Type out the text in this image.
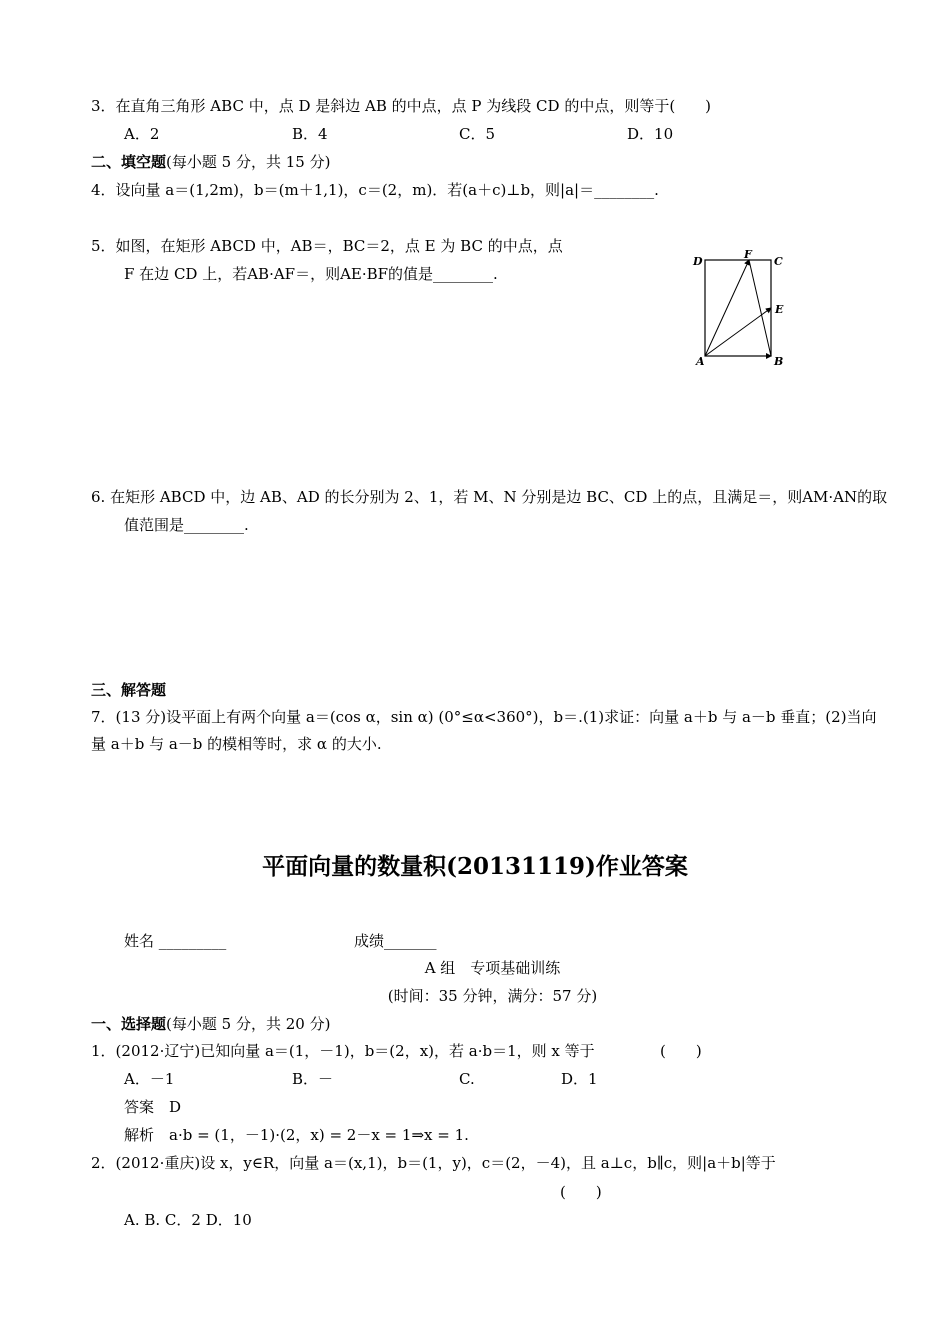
3．在直角三角形 ABC 中，点 D 是斜边 AB 的中点，点 P 为线段 CD 的中点，则等于(　　)
A．2	B．4	C．5	D．10
二、填空题(每小题 5 分，共 15 分)
4．设向量 a＝(1,2m)，b＝(m＋1,1)，c＝(2，m)．若(a＋c)⊥b，则|a|＝________.
5．如图，在矩形 ABCD 中，AB＝，BC＝2，点 E 为 BC 的中点，点
F 在边 CD 上，若AB·AF＝，则AE·BF的值是________.
D
F
C
E
A	B
6. 在矩形 ABCD 中，边 AB、AD 的长分别为 2、1，若 M、N 分别是边 BC、CD 上的点，且满足＝，则AM·AN的取
值范围是________.
三、解答题
7．(13 分)设平面上有两个向量 a＝(cos α，sin α) (0°≤α<360°)，b＝.(1)求证：向量 a＋b 与 a－b 垂直；(2)当向
量 a＋b 与 a－b 的模相等时，求 α 的大小.
平面向量的数量积(20131119)作业答案
姓名 _________	成绩_______
A 组　专项基础训练
(时间：35 分钟，满分：57 分)
一、选择题(每小题 5 分，共 20 分)
1．(2012·辽宁)已知向量 a＝(1，－1)，b＝(2，x)，若 a·b＝1，则 x 等于	(　　)
A．－1	B．－	C.	D．1
答案　D
解析　a·b = (1，－1)·(2，x) = 2－x = 1⇒x = 1.
2．(2012·重庆)设 x，y∈R，向量 a＝(x,1)，b＝(1，y)，c＝(2，－4)，且 a⊥c，b∥c，则|a＋b|等于
(　　)
A. B. C．2 D．10
